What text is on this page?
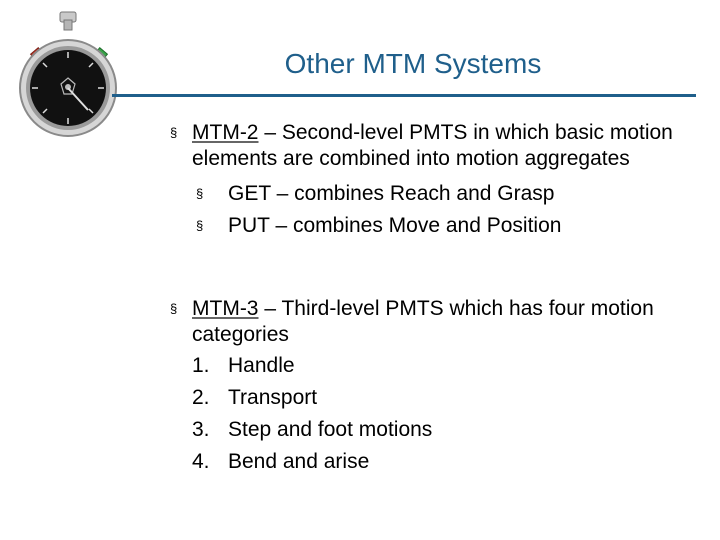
Other MTM Systems
§ MTM-2 – Second-level PMTS in which basic motion elements are combined into motion aggregates
§ GET – combines Reach and Grasp
§ PUT – combines Move and Position
§ MTM-3 – Third-level PMTS which has four motion categories
1. Handle
2. Transport
3. Step and foot motions
4. Bend and arise
